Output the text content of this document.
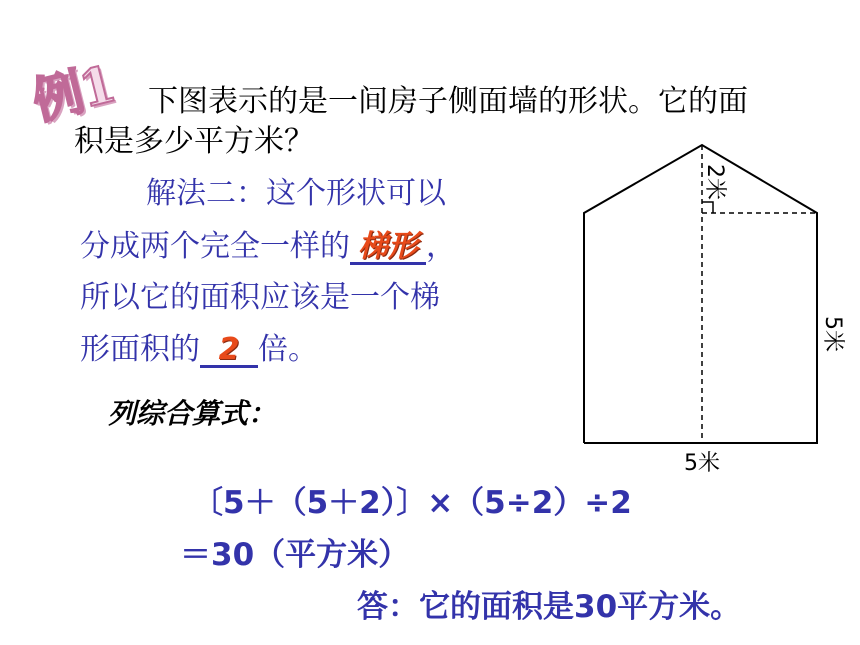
例1 下图表示的是一间房子侧面墙的形状。它的面
积是多少平方米？
解法二：这个形状可以
分成两个完全一样的 梯形 ，
所以它的面积应该是一个梯
形面积的 2 倍。
列综合算式：
〔5＋（5＋2）〕×（5÷2）÷2
＝30（平方米）
答：它的面积是30平方米。
2米
5米
5米
